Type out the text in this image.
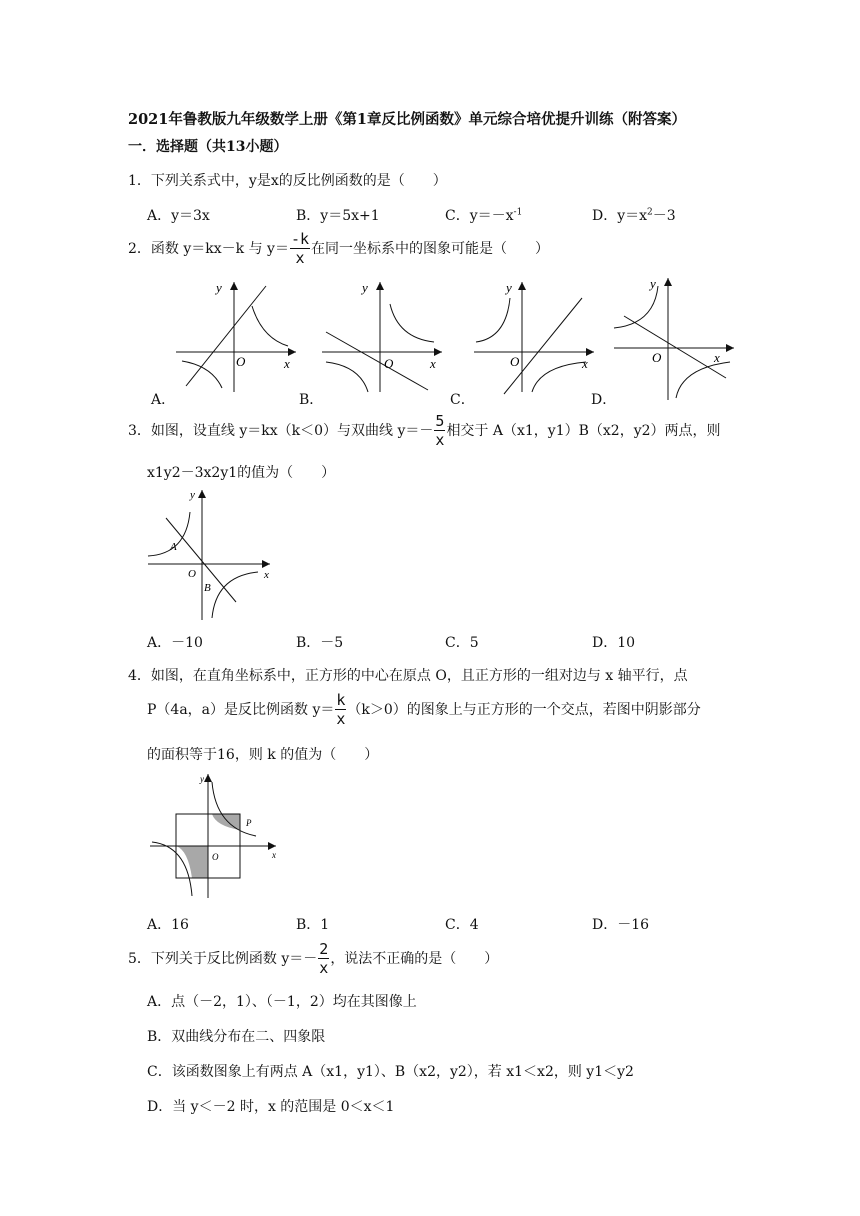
2021年鲁教版九年级数学上册《第1章反比例函数》单元综合培优提升训练（附答案）
一．选择题（共13小题）
1．下列关系式中，y是x的反比例函数的是（　　）
A．y＝3x	B．y＝5x+1	C．$y=-x^{-1}$	D．$y=x^2-3$
2．函数 y＝kx－k 与 $y= \frac{-k}{x}$ 在同一坐标系中的图象可能是（　　）
y
O	x
A．
y
O	x
B．
y
O	x
C．
y
O	x
D．
3．如图，设直线 y＝kx（k＜0）与双曲线 $y=- \frac{5}{x}$ 相交于 A（x1，y1）B（x2，y2）两点，则
x1y2－3x2y1的值为（　　）
y
A
O
B
x
A．－10	B．－5	C．5	D．10
4．如图，在直角坐标系中，正方形的中心在原点 O，且正方形的一组对边与 x 轴平行，点
P（4a，a）是反比例函数 $y= \frac{k}{x} (k>0)$的图象上与正方形的一个交点，若图中阴影部分
的面积等于16，则 k 的值为（　　）
y
P
O	x
A．16	B．1	C．4	D．－16
5．下列关于反比例函数 $y=- \frac{2}{x}$ ，说法不正确的是（　　）
A．点（－2，1）、（－1，2）均在其图像上
B．双曲线分布在二、四象限
C．该函数图象上有两点 A（x1，y1）、B（x2，y2），若 x1＜x2，则 y1＜y2
D．当 y＜－2 时，x 的范围是 0＜x＜1
